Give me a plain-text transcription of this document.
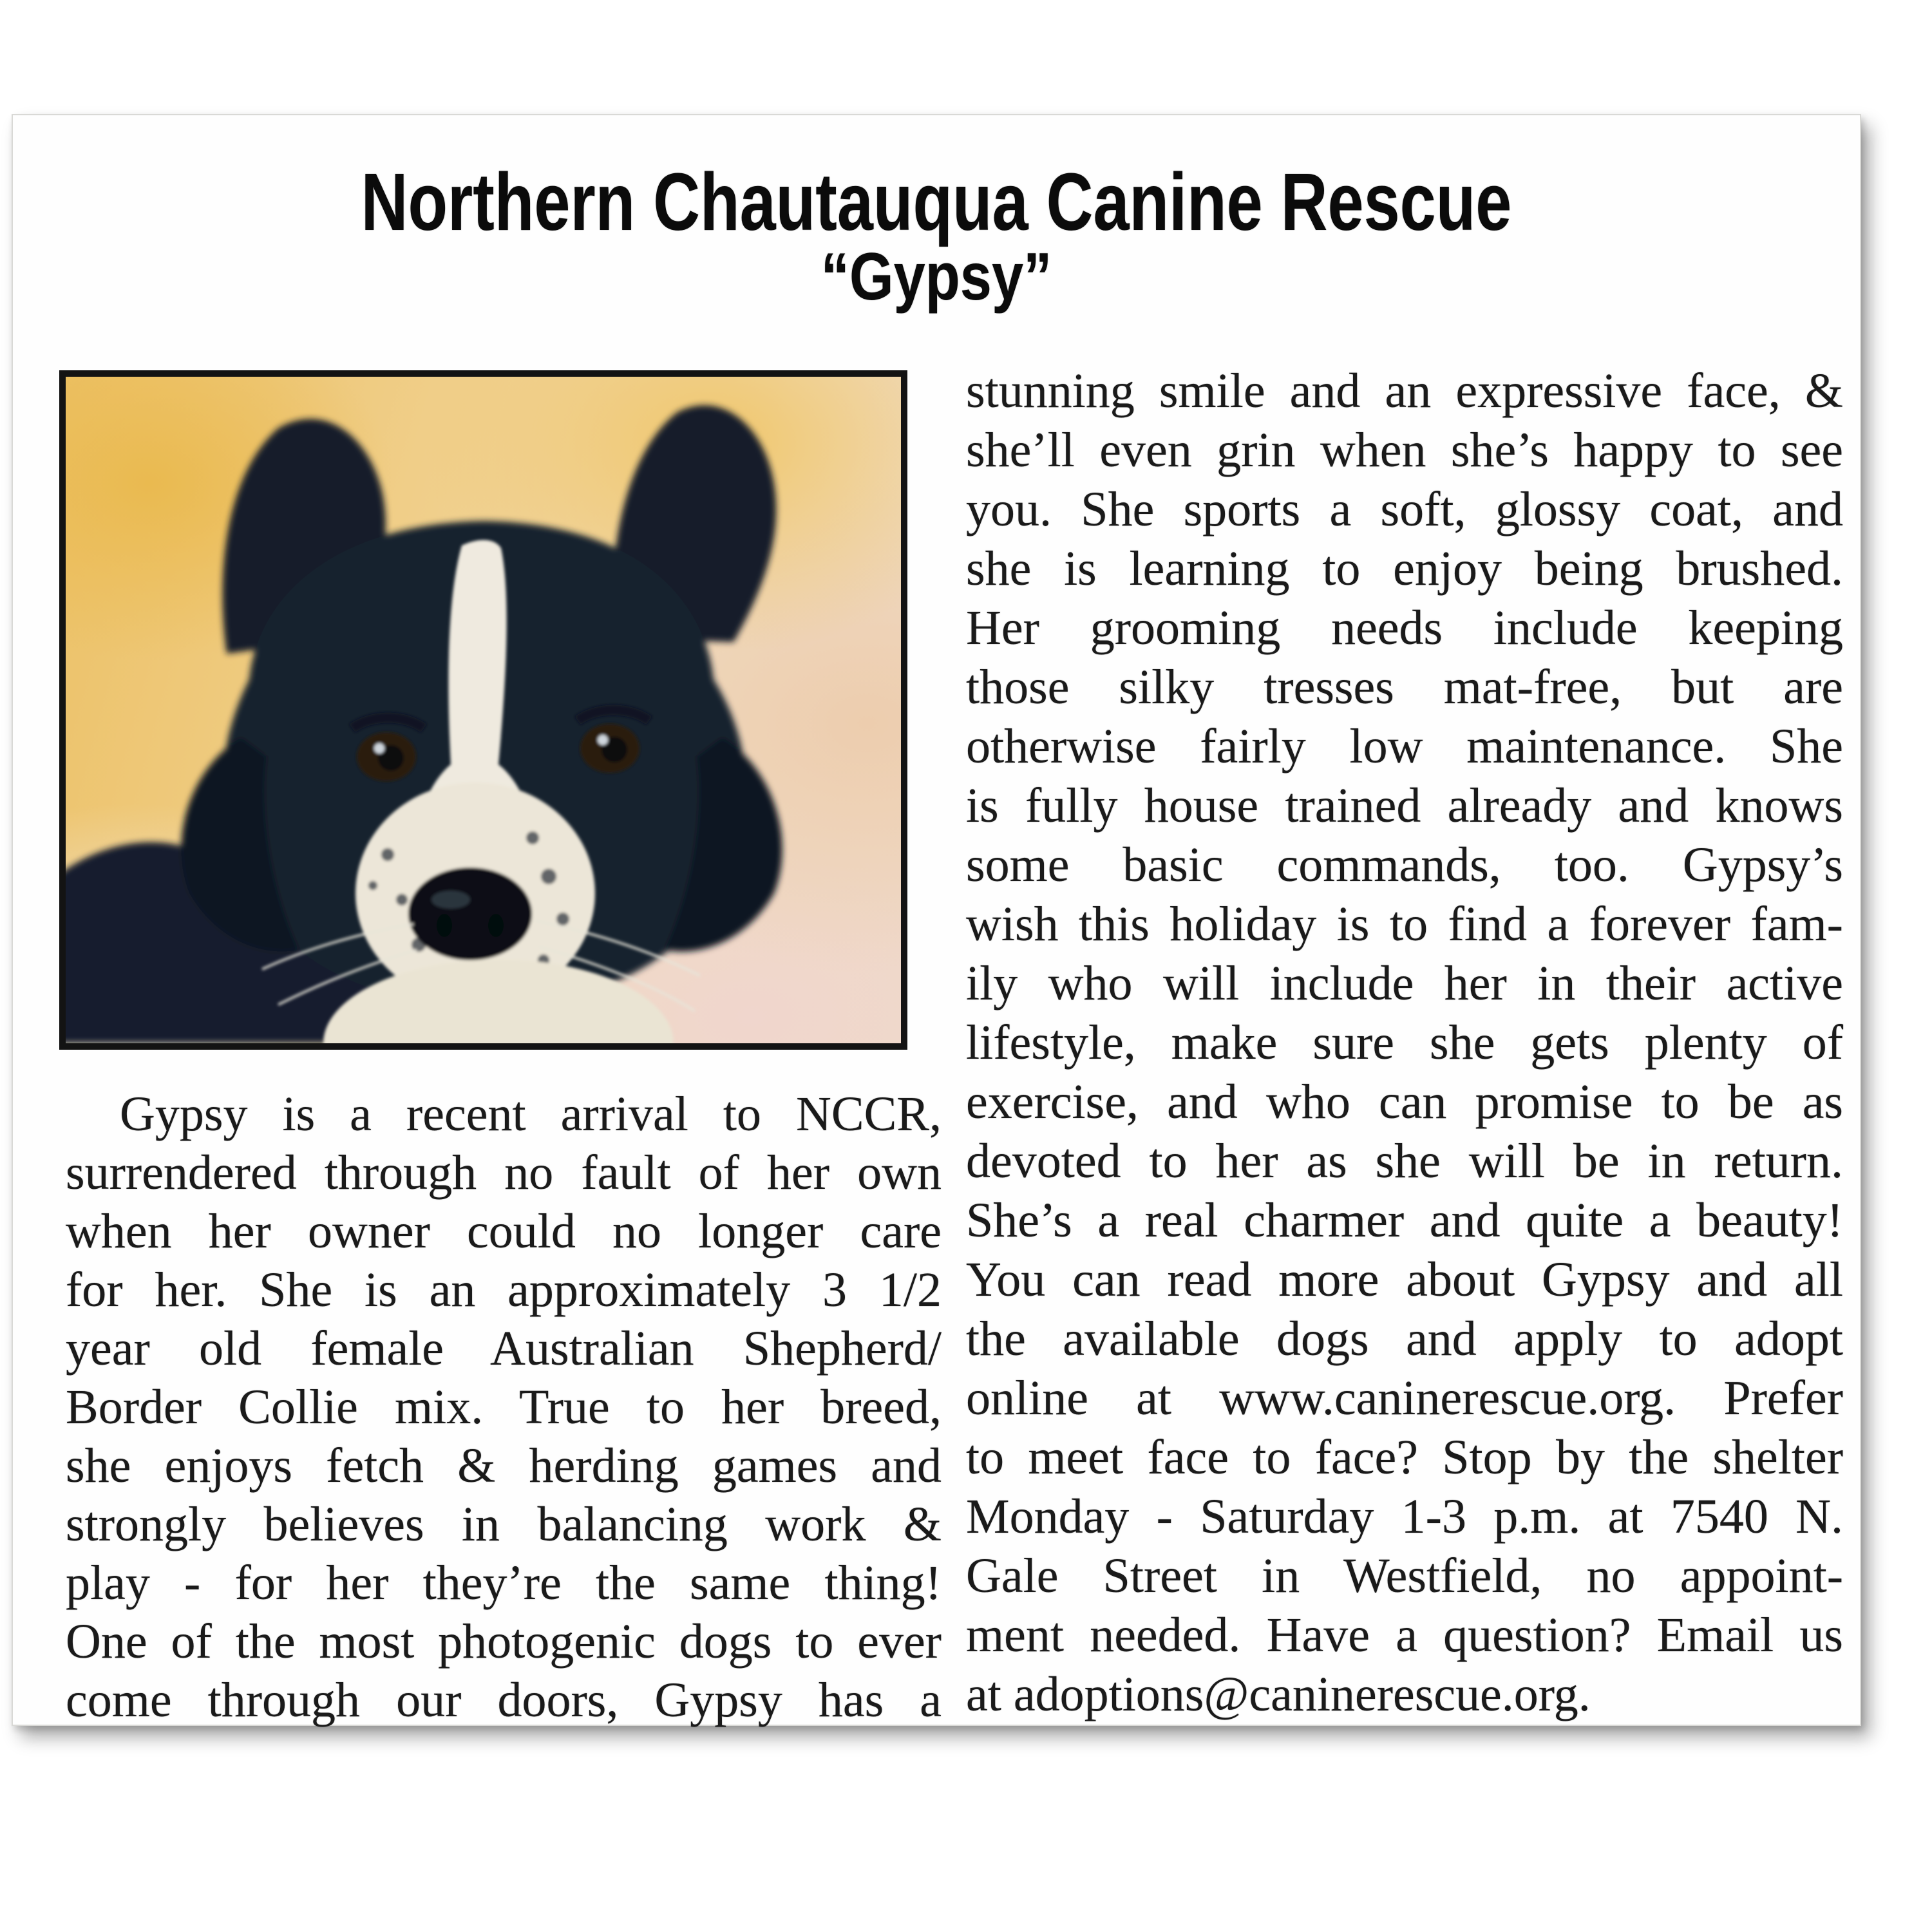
Northern Chautauqua Canine Rescue
“Gypsy”
Gypsy is a recent arrival to NCCR,
surrendered through no fault of her own
when her owner could no longer care
for her. She is an approximately 3 1/2
year old female Australian Shepherd/
Border Collie mix. True to her breed,
she enjoys fetch & herding games and
strongly believes in balancing work &
play - for her they’re the same thing!
One of the most photogenic dogs to ever
come through our doors, Gypsy has a
stunning smile and an expressive face, &
she’ll even grin when she’s happy to see
you. She sports a soft, glossy coat, and
she is learning to enjoy being brushed.
Her grooming needs include keeping
those silky tresses mat-free, but are
otherwise fairly low maintenance. She
is fully house trained already and knows
some basic commands, too. Gypsy’s
wish this holiday is to find a forever fam-
ily who will include her in their active
lifestyle, make sure she gets plenty of
exercise, and who can promise to be as
devoted to her as she will be in return.
She’s a real charmer and quite a beauty!
You can read more about Gypsy and all
the available dogs and apply to adopt
online at www.caninerescue.org. Prefer
to meet face to face? Stop by the shelter
Monday - Saturday 1-3 p.m. at 7540 N.
Gale Street in Westfield, no appoint-
ment needed. Have a question? Email us
at adoptions@caninerescue.org.
